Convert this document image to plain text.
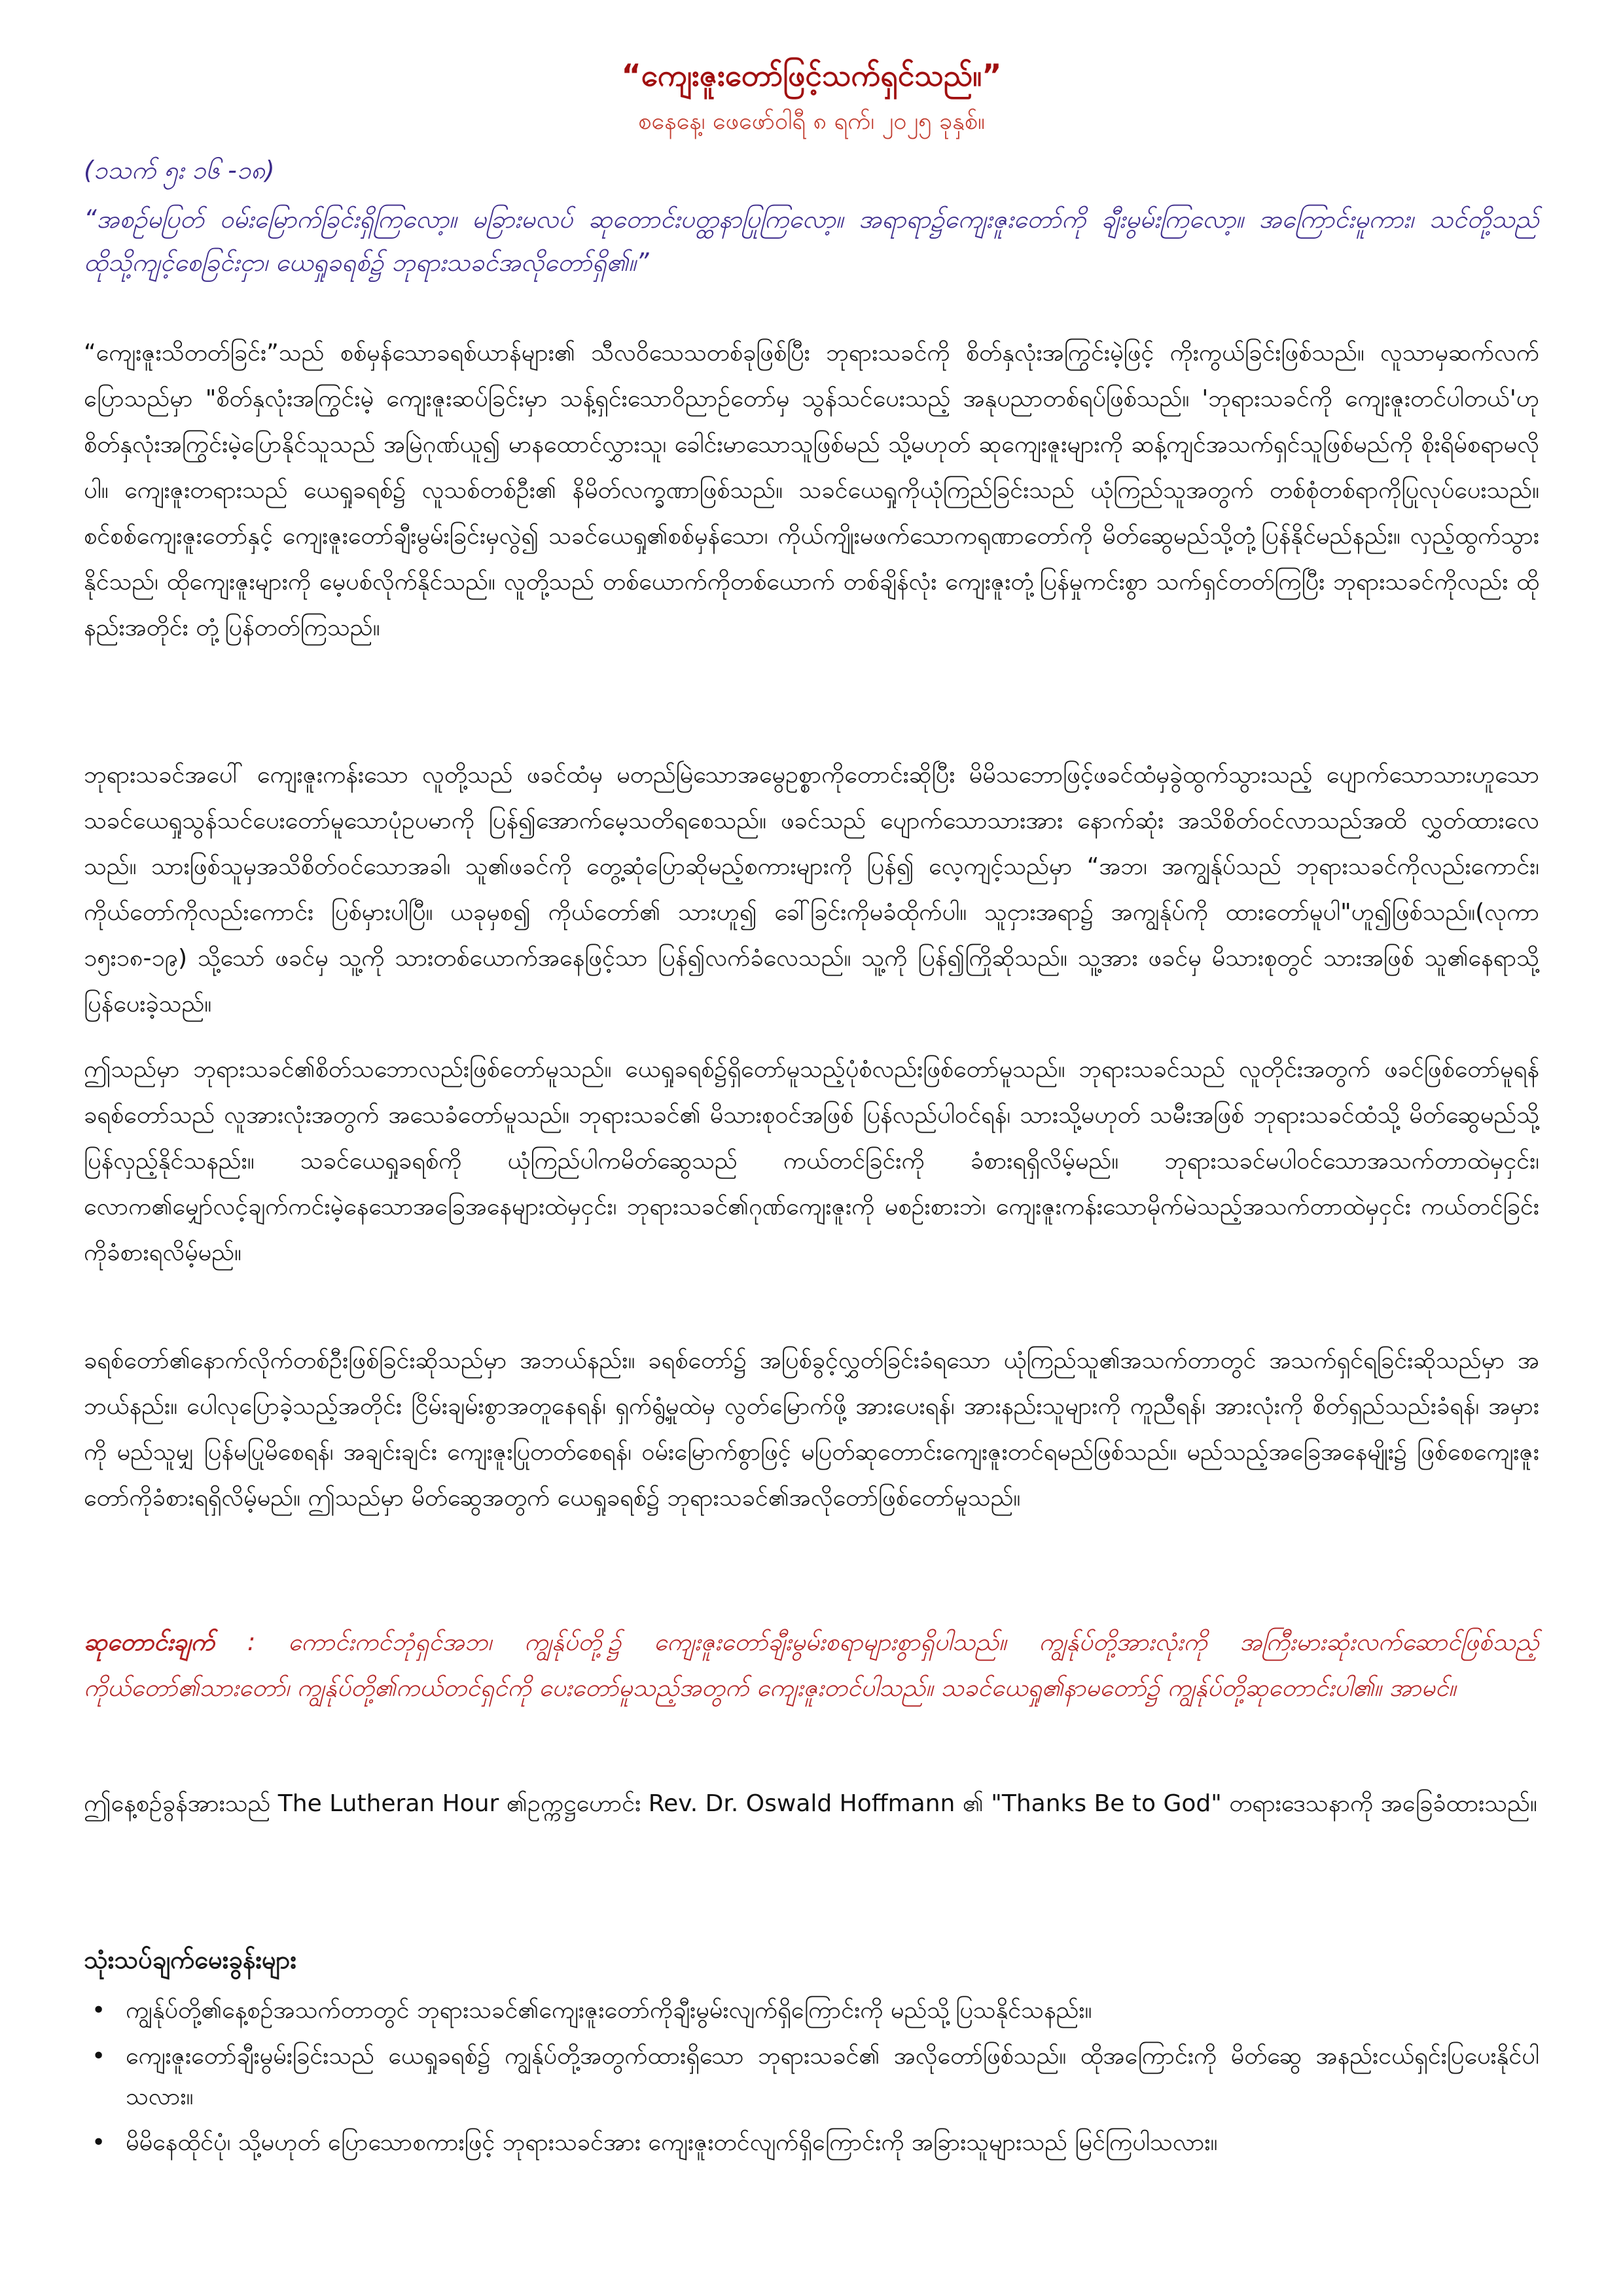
“ကျေးဇူးတော်ဖြင့်သက်ရှင်သည်။”
စနေနေ့၊ ဖေဖော်ဝါရီ ၈ ရက်၊ ၂၀၂၅ ခုနှစ်။
(၁သက် ၅း ၁၆ -၁၈)
“အစဉ်မပြတ် ဝမ်းမြောက်ခြင်းရှိကြလော့။ မခြားမလပ် ဆုတောင်းပတ္ထနာပြုကြလော့။ အရာရာ၌ကျေးဇူးတော်ကို ချီးမွမ်းကြလော့။ အကြောင်းမူကား၊ သင်တို့သည် ထိုသို့ကျင့်စေခြင်းငှာ၊ ယေရှုခရစ်၌ ဘုရားသခင်အလိုတော်ရှိ၏။”

“ကျေးဇူးသိတတ်ခြင်း”သည် စစ်မှန်သောခရစ်ယာန်များ၏ သီလဝိသေသတစ်ခုဖြစ်ပြီး ဘုရားသခင်ကို စိတ်နှလုံးအကြွင်းမဲ့ဖြင့် ကိုးကွယ်ခြင်းဖြစ်သည်။ လူသာမှဆက်လက်ပြောသည်မှာ "စိတ်နှလုံးအကြွင်းမဲ့ ကျေးဇူးဆပ်ခြင်းမှာ သန့်ရှင်းသောဝိညာဉ်တော်မှ သွန်သင်ပေးသည့် အနုပညာတစ်ရပ်ဖြစ်သည်။ 'ဘုရားသခင်ကို ကျေးဇူးတင်ပါတယ်'ဟု စိတ်နှလုံးအကြွင်းမဲ့ပြောနိုင်သူသည် အမြဲဂုဏ်ယူ၍ မာနထောင်လွှားသူ၊ ခေါင်းမာသောသူဖြစ်မည် သို့မဟုတ် ဆုကျေးဇူးများကို ဆန့်ကျင်အသက်ရှင်သူဖြစ်မည်ကို စိုးရိမ်စရာမလိုပါ။ ကျေးဇူးတရားသည် ယေရှုခရစ်၌ လူသစ်တစ်ဦး၏ နိမိတ်လက္ခဏာဖြစ်သည်။ သခင်ယေရှုကိုယုံကြည်ခြင်းသည် ယုံကြည်သူအတွက် တစ်စုံတစ်ရာကိုပြုလုပ်ပေးသည်။ စင်စစ်ကျေးဇူးတော်နှင့် ကျေးဇူးတော်ချီးမွမ်းခြင်းမှလွဲ၍ သခင်ယေရှု၏စစ်မှန်သော၊ ကိုယ်ကျိုးမဖက်သောကရုဏာတော်ကို မိတ်ဆွေမည်သို့တုံ့ပြန်နိုင်မည်နည်း။ လှည့်ထွက်သွားနိုင်သည်၊ ထိုကျေးဇူးများကို မေ့ပစ်လိုက်နိုင်သည်။ လူတို့သည် တစ်ယောက်ကိုတစ်ယောက် တစ်ချိန်လုံး ကျေးဇူးတုံ့ပြန်မှုကင်းစွာ သက်ရှင်တတ်ကြပြီး ဘုရားသခင်ကိုလည်း ထိုနည်းအတိုင်း တုံ့ပြန်တတ်ကြသည်။

ဘုရားသခင်အပေါ် ကျေးဇူးကန်းသော လူတို့သည် ဖခင်ထံမှ မတည်မြဲသောအမွေဥစ္စာကိုတောင်းဆိုပြီး မိမိသဘောဖြင့်ဖခင်ထံမှခွဲထွက်သွားသည့် ပျောက်သောသားဟူသော သခင်ယေရှုသွန်သင်ပေးတော်မူသောပုံဥပမာကို ပြန်၍အောက်မေ့သတိရစေသည်။ ဖခင်သည် ပျောက်သောသားအား နောက်ဆုံး အသိစိတ်ဝင်လာသည်အထိ လွှတ်ထားလေသည်။ သားဖြစ်သူမှအသိစိတ်ဝင်သောအခါ၊ သူ၏ဖခင်ကို တွေ့ဆုံပြောဆိုမည့်စကားများကို ပြန်၍ လေ့ကျင့်သည်မှာ “အဘ၊ အကျွန်ုပ်သည် ဘုရားသခင်ကိုလည်းကောင်း၊ ကိုယ်တော်ကိုလည်းကောင်း ပြစ်မှားပါပြီ။ ယခုမှစ၍ ကိုယ်တော်၏ သားဟူ၍ ခေါ်ခြင်းကိုမခံထိုက်ပါ။ သူငှားအရာ၌ အကျွန်ုပ်ကို ထားတော်မူပါ"ဟူ၍ဖြစ်သည်။(လုကာ ၁၅း၁၈-၁၉) သို့သော် ဖခင်မှ သူ့ကို သားတစ်ယောက်အနေဖြင့်သာ ပြန်၍လက်ခံလေသည်။ သူ့ကို ပြန်၍ကြိုဆိုသည်။ သူ့အား ဖခင်မှ မိသားစုတွင် သားအဖြစ် သူ၏နေရာသို့ပြန်ပေးခဲ့သည်။

ဤသည်မှာ ဘုရားသခင်၏စိတ်သဘောလည်းဖြစ်တော်မူသည်။ ယေရှုခရစ်၌ရှိတော်မူသည့်ပုံစံလည်းဖြစ်တော်မူသည်။ ဘုရားသခင်သည် လူတိုင်းအတွက် ဖခင်ဖြစ်တော်မူရန် ခရစ်တော်သည် လူအားလုံးအတွက် အသေခံတော်မူသည်။ ဘုရားသခင်၏ မိသားစုဝင်အဖြစ် ပြန်လည်ပါဝင်ရန်၊ သားသို့မဟုတ် သမီးအဖြစ် ဘုရားသခင်ထံသို့ မိတ်ဆွေမည်သို့ပြန်လှည့်နိုင်သနည်း။ သခင်ယေရှုခရစ်ကို ယုံကြည်ပါကမိတ်ဆွေသည် ကယ်တင်ခြင်းကို ခံစားရရှိလိမ့်မည်။ ဘုရားသခင်မပါဝင်သောအသက်တာထဲမှငှင်း၊ လောက၏မျှော်လင့်ချက်ကင်းမဲ့နေသောအခြေအနေများထဲမှငှင်း၊ ဘုရားသခင်၏ဂုဏ်ကျေးဇူးကို မစဉ်းစားဘဲ၊ ကျေးဇူးကန်းသောမိုက်မဲသည့်အသက်တာထဲမှငှင်း ကယ်တင်ခြင်းကိုခံစားရလိမ့်မည်။

ခရစ်တော်၏နောက်လိုက်တစ်ဦးဖြစ်ခြင်းဆိုသည်မှာ အဘယ်နည်း။ ခရစ်တော်၌ အပြစ်ခွင့်လွှတ်ခြင်းခံရသော ယုံကြည်သူ၏အသက်တာတွင် အသက်ရှင်ရခြင်းဆိုသည်မှာ အဘယ်နည်း။ ပေါလုပြောခဲ့သည့်အတိုင်း ငြိမ်းချမ်းစွာအတူနေရန်၊ ရှက်ရွံ့မှုထဲမှ လွတ်မြောက်ဖို့ အားပေးရန်၊ အားနည်းသူများကို ကူညီရန်၊ အားလုံးကို စိတ်ရှည်သည်းခံရန်၊ အမှားကို မည်သူမျှ ပြန်မပြုမိစေရန်၊ အချင်းချင်း ကျေးဇူးပြုတတ်စေရန်၊ ဝမ်းမြောက်စွာဖြင့် မပြတ်ဆုတောင်းကျေးဇူးတင်ရမည်ဖြစ်သည်။ မည်သည့်အခြေအနေမျိုး၌ ဖြစ်စေကျေးဇူးတော်ကိုခံစားရရှိလိမ့်မည်။ ဤသည်မှာ မိတ်ဆွေအတွက် ယေရှုခရစ်၌ ဘုရားသခင်၏အလိုတော်ဖြစ်တော်မူသည်။

ဆုတောင်းချက် : ကောင်းကင်ဘုံရှင်အဘ၊ ကျွန်ုပ်တို့၌ ကျေးဇူးတော်ချီးမွမ်းစရာများစွာရှိပါသည်။ ကျွန်ုပ်တို့အားလုံးကို အကြီးမားဆုံးလက်ဆောင်ဖြစ်သည့်ကိုယ်တော်၏သားတော်၊ ကျွန်ုပ်တို့၏ကယ်တင်ရှင်ကို ပေးတော်မူသည့်အတွက် ကျေးဇူးတင်ပါသည်။ သခင်ယေရှု၏နာမတော်၌ ကျွန်ုပ်တို့ဆုတောင်းပါ၏။ အာမင်။

ဤနေ့စဉ်ခွန်အားသည် The Lutheran Hour ၏ဥက္ကဋ္ဌဟောင်း Rev. Dr. Oswald Hoffmann ၏ "Thanks Be to God" တရားဒေသနာကို အခြေခံထားသည်။

သုံးသပ်ချက်မေးခွန်းများ
• ကျွန်ုပ်တို့၏နေ့စဉ်အသက်တာတွင် ဘုရားသခင်၏ကျေးဇူးတော်ကိုချီးမွမ်းလျက်ရှိကြောင်းကို မည်သို့ပြသနိုင်သနည်း။
• ကျေးဇူးတော်ချီးမွမ်းခြင်းသည် ယေရှုခရစ်၌ ကျွန်ုပ်တို့အတွက်ထားရှိသော ဘုရားသခင်၏ အလိုတော်ဖြစ်သည်။ ထိုအကြောင်းကို မိတ်ဆွေ အနည်းငယ်ရှင်းပြပေးနိုင်ပါသလား။
• မိမိနေထိုင်ပုံ၊ သို့မဟုတ် ပြောသောစကားဖြင့် ဘုရားသခင်အား ကျေးဇူးတင်လျက်ရှိကြောင်းကို အခြားသူများသည် မြင်ကြပါသလား။
